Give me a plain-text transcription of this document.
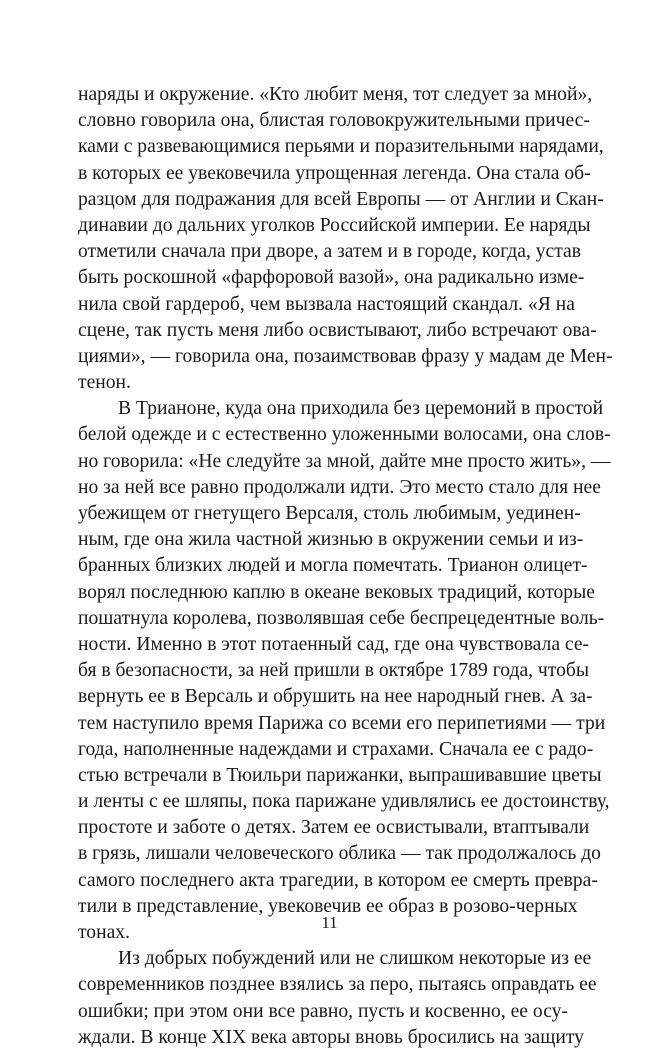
наряды и окружение. «Кто любит меня, тот следует за мной»,
словно говорила она, блистая головокружительными причес-
ками с развевающимися перьями и поразительными нарядами,
в которых ее увековечила упрощенная легенда. Она стала об-
разцом для подражания для всей Европы — от Англии и Скан-
динавии до дальних уголков Российской империи. Ее наряды
отметили сначала при дворе, а затем и в городе, когда, устав
быть роскошной «фарфоровой вазой», она радикально изме-
нила свой гардероб, чем вызвала настоящий скандал. «Я на
сцене, так пусть меня либо освистывают, либо встречают ова-
циями», — говорила она, позаимствовав фразу у мадам де Мен-
тенон.
В Трианоне, куда она приходила без церемоний в простой
белой одежде и с естественно уложенными волосами, она слов-
но говорила: «Не следуйте за мной, дайте мне просто жить», —
но за ней все равно продолжали идти. Это место стало для нее
убежищем от гнетущего Версаля, столь любимым, уединен-
ным, где она жила частной жизнью в окружении семьи и из-
бранных близких людей и могла помечтать. Трианон олицет-
ворял последнюю каплю в океане вековых традиций, которые
пошатнула королева, позволявшая себе беспрецедентные воль-
ности. Именно в этот потаенный сад, где она чувствовала се-
бя в безопасности, за ней пришли в октябре 1789 года, чтобы
вернуть ее в Версаль и обрушить на нее народный гнев. А за-
тем наступило время Парижа со всеми его перипетиями — три
года, наполненные надеждами и страхами. Сначала ее с радо-
стью встречали в Тюильри парижанки, выпрашивавшие цветы
и ленты с ее шляпы, пока парижане удивлялись ее достоинству,
простоте и заботе о детях. Затем ее освистывали, втаптывали
в грязь, лишали человеческого облика — так продолжалось до
самого последнего акта трагедии, в котором ее смерть превра-
тили в представление, увековечив ее образ в розово-черных
тонах.
Из добрых побуждений или не слишком некоторые из ее
современников позднее взялись за перо, пытаясь оправдать ее
ошибки; при этом они все равно, пусть и косвенно, ее осу-
ждали. В конце XIX века авторы вновь бросились на защиту
11
